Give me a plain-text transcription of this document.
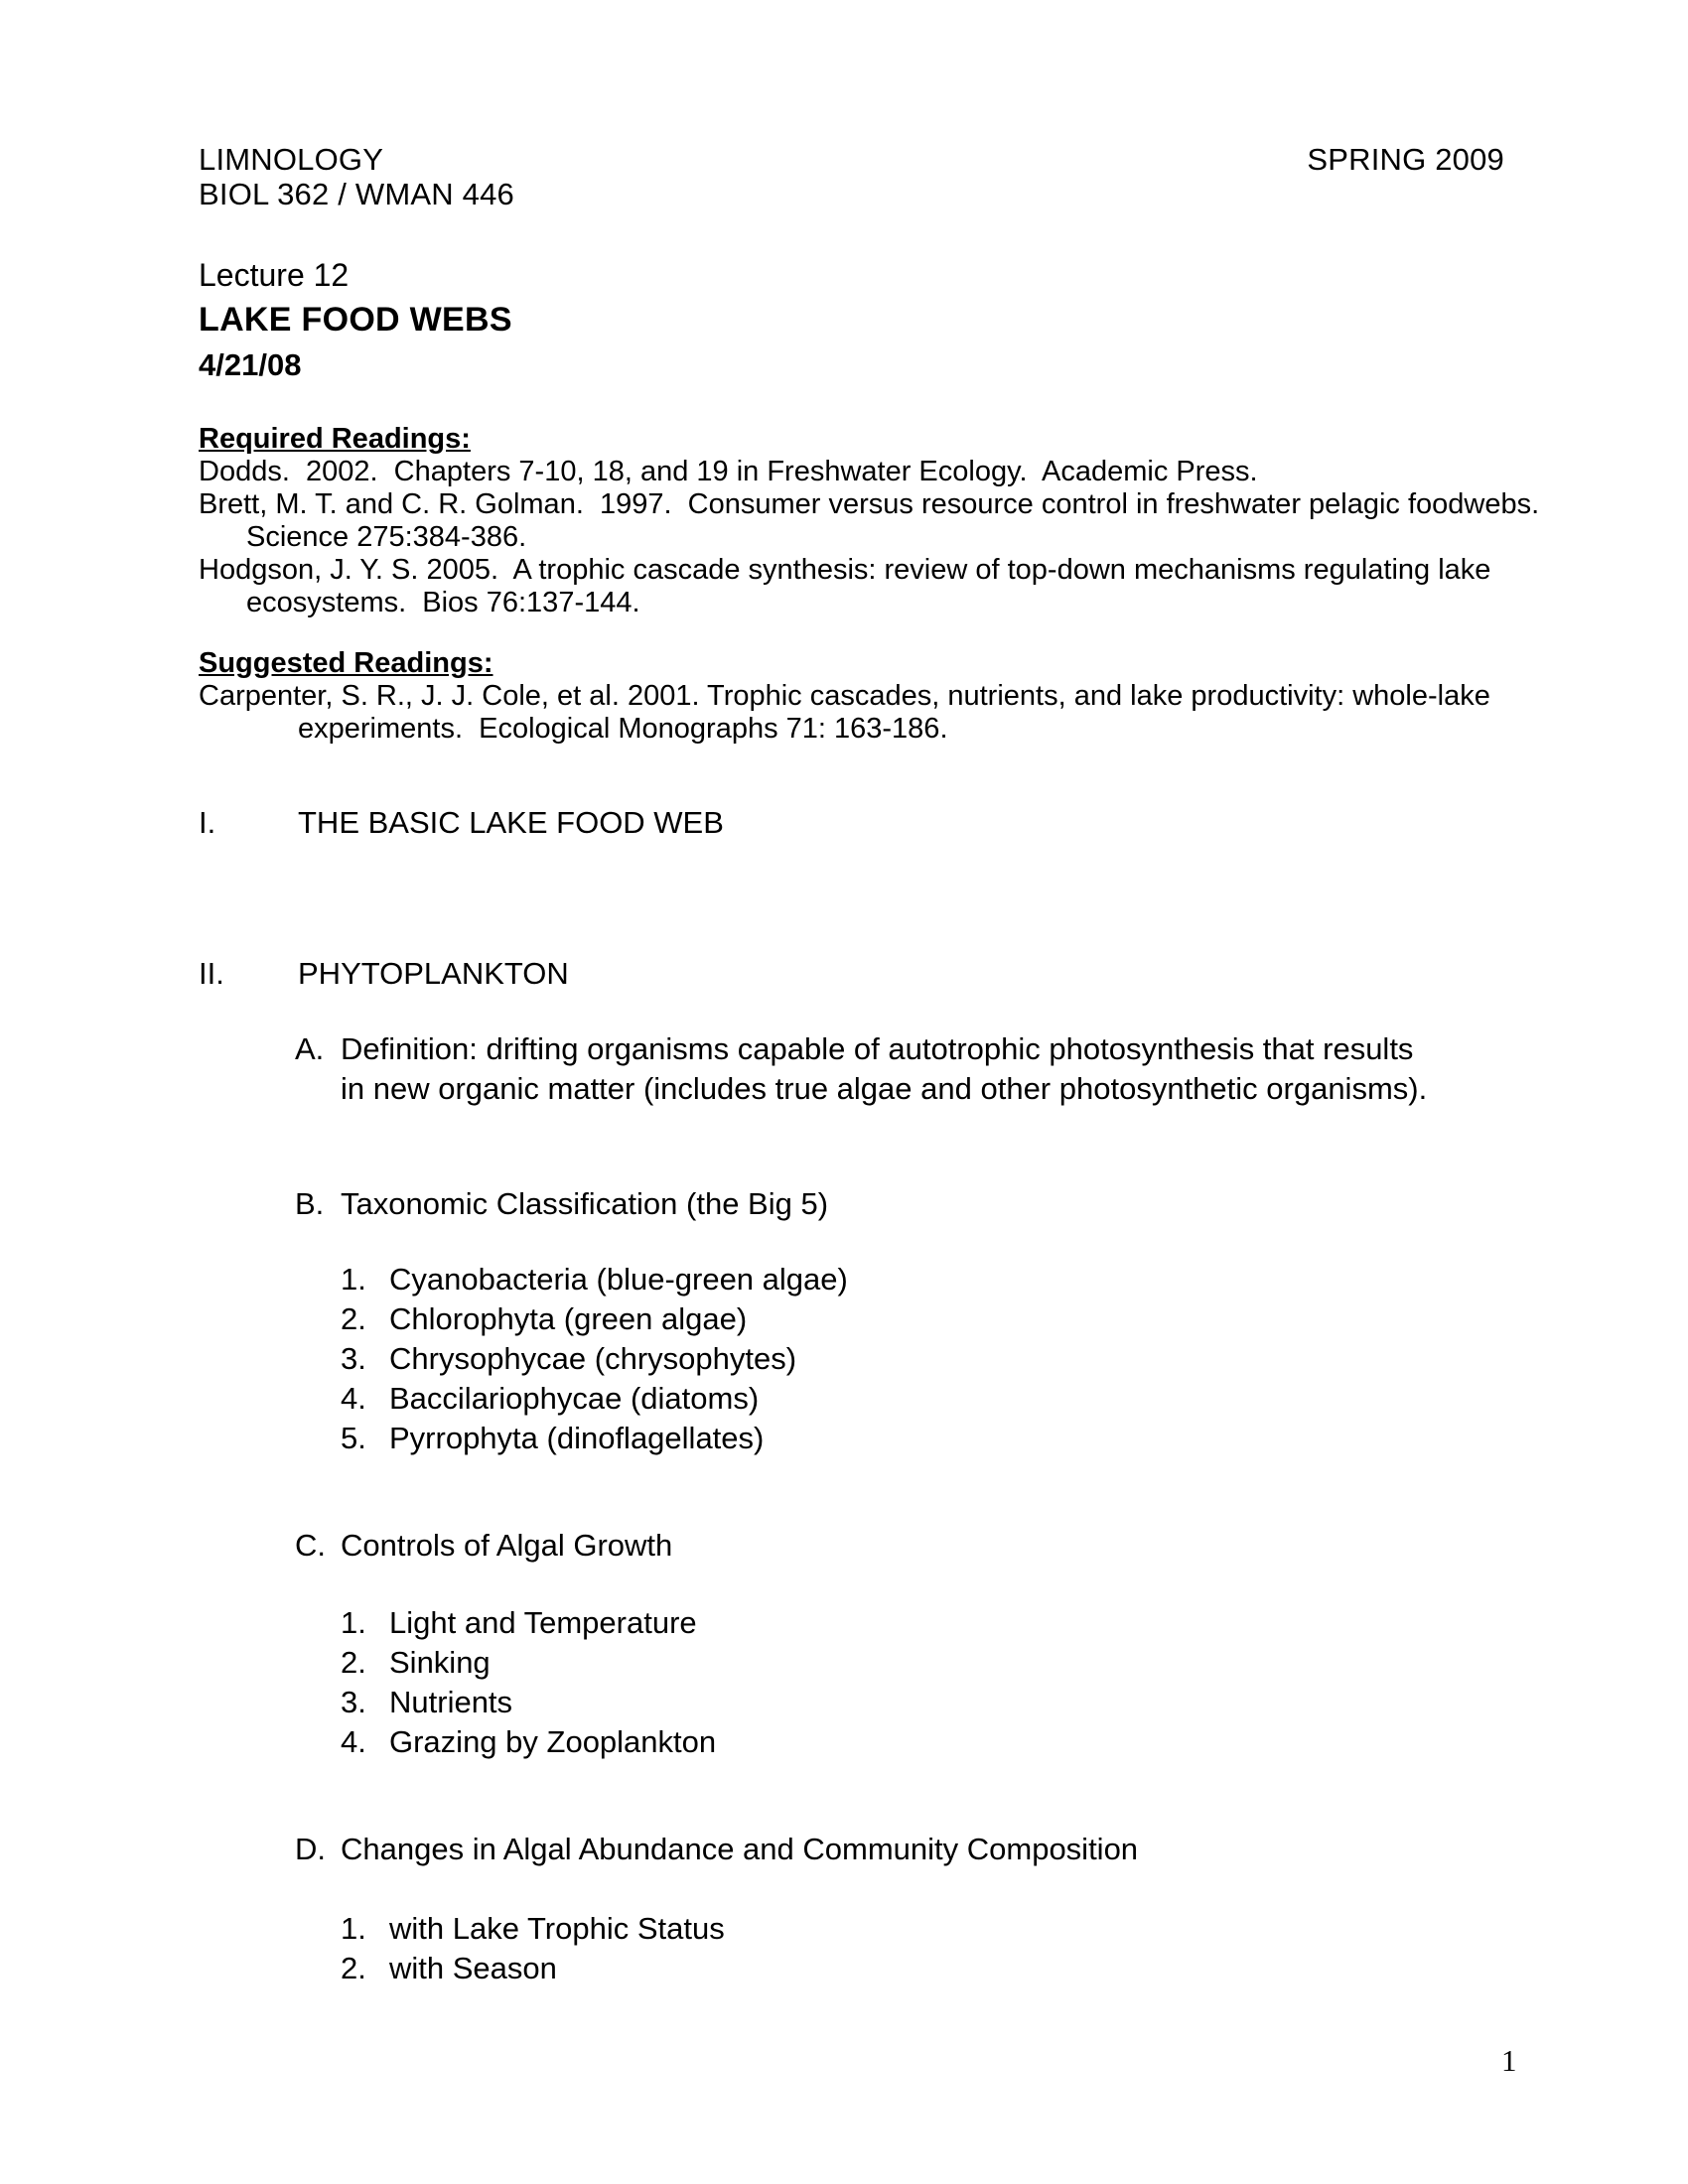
LIMNOLOGY	SPRING 2009
BIOL 362 / WMAN 446
Lecture 12
LAKE FOOD WEBS
4/21/08
Required Readings:
Dodds.  2002.  Chapters 7-10, 18, and 19 in Freshwater Ecology.  Academic Press.
Brett, M. T. and C. R. Golman.  1997.  Consumer versus resource control in freshwater pelagic foodwebs.
Science 275:384-386.
Hodgson, J. Y. S. 2005.  A trophic cascade synthesis: review of top-down mechanisms regulating lake
ecosystems.  Bios 76:137-144.
Suggested Readings:
Carpenter, S. R., J. J. Cole, et al. 2001. Trophic cascades, nutrients, and lake productivity: whole-lake
experiments.  Ecological Monographs 71: 163-186.
I.	THE BASIC LAKE FOOD WEB
II.	PHYTOPLANKTON
A. Definition: drifting organisms capable of autotrophic photosynthesis that results
in new organic matter (includes true algae and other photosynthetic organisms).
B. Taxonomic Classification (the Big 5)
1. Cyanobacteria (blue-green algae)
2. Chlorophyta (green algae)
3. Chrysophycae (chrysophytes)
4. Baccilariophycae (diatoms)
5. Pyrrophyta (dinoflagellates)
C. Controls of Algal Growth
1. Light and Temperature
2. Sinking
3. Nutrients
4. Grazing by Zooplankton
D. Changes in Algal Abundance and Community Composition
1. with Lake Trophic Status
2. with Season
1
